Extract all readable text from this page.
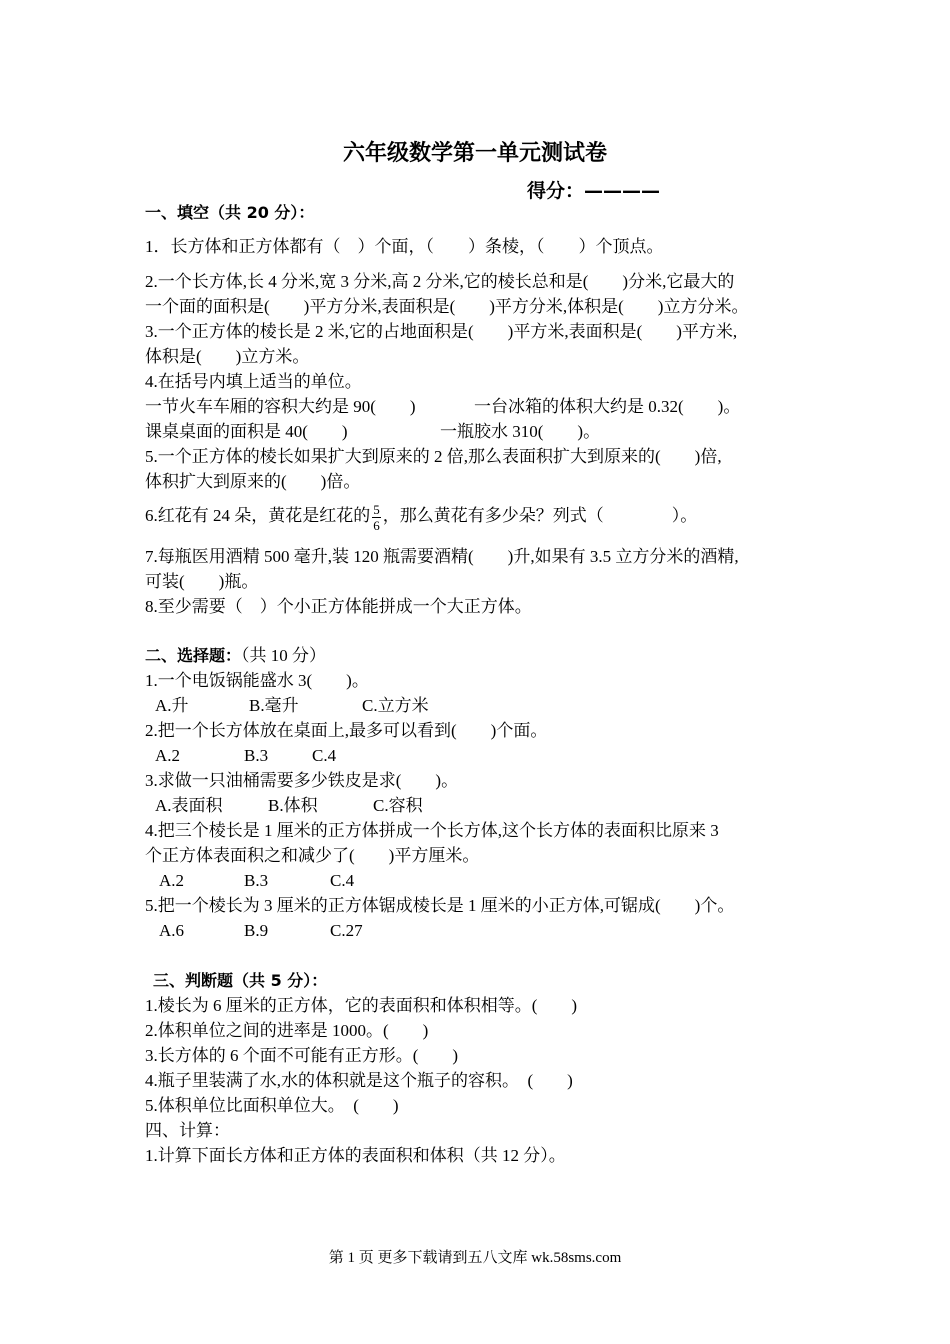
六年级数学第一单元测试卷
得分：————
一、填空（共 20 分）：
1．长方体和正方体都有（　）个面，（　　）条棱，（　　）个顶点。
2.一个长方体,长 4 分米,宽 3 分米,高 2 分米,它的棱长总和是(　　)分米,它最大的
一个面的面积是(　　)平方分米,表面积是(　　)平方分米,体积是(　　)立方分米。
3.一个正方体的棱长是 2 米,它的占地面积是(　　)平方米,表面积是(　　)平方米,
体积是(　　)立方米。
4.在括号内填上适当的单位。
一节火车车厢的容积大约是 90(　　)	一台冰箱的体积大约是 0.32(　　)。
课桌桌面的面积是 40(　　)	一瓶胶水 310(　　)。
5.一个正方体的棱长如果扩大到原来的 2 倍,那么表面积扩大到原来的(　　)倍,
体积扩大到原来的(　　)倍。
6.红花有 24 朵，黄花是红花的 $\frac{5}{6}$ ，那么黄花有多少朵？列式（　　　　）。
7.每瓶医用酒精 500 毫升,装 120 瓶需要酒精(　　)升,如果有 3.5 立方分米的酒精,
可装(　　)瓶。
8.至少需要（　）个小正方体能拼成一个大正方体。
二、选择题：（共 10 分）
1.一个电饭锅能盛水 3(　　)。
A.升	B.毫升	C.立方米
2.把一个长方体放在桌面上,最多可以看到(　　)个面。
A.2	B.3	C.4
3.求做一只油桶需要多少铁皮是求(　　)。
A.表面积	B.体积	C.容积
4.把三个棱长是 1 厘米的正方体拼成一个长方体,这个长方体的表面积比原来 3
个正方体表面积之和减少了(　　)平方厘米。
A.2	B.3	C.4
5.把一个棱长为 3 厘米的正方体锯成棱长是 1 厘米的小正方体,可锯成(　　)个。
A.6	B.9	C.27
三、判断题（共 5 分）：
1.棱长为 6 厘米的正方体，它的表面积和体积相等。(　　)
2.体积单位之间的进率是 1000。(　　)
3.长方体的 6 个面不可能有正方形。(　　)
4.瓶子里装满了水,水的体积就是这个瓶子的容积。　(　　)
5.体积单位比面积单位大。　(　　)
四、计算：
1.计算下面长方体和正方体的表面积和体积（共 12 分）。
第 1 页 更多下载请到五八文库 wk.58sms.com
